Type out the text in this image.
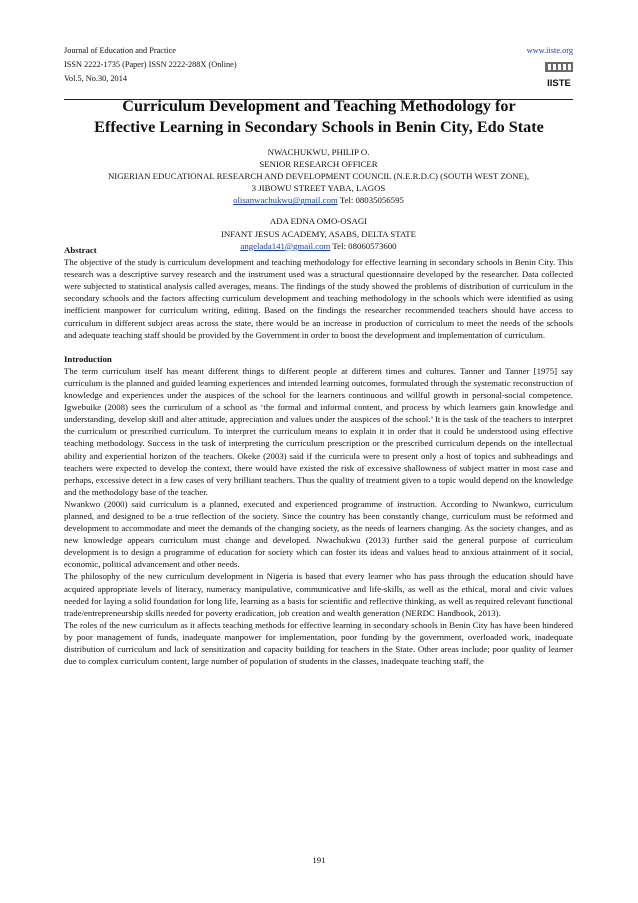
Journal of Education and Practice
ISSN 2222-1735 (Paper) ISSN 2222-288X (Online)
Vol.5, No.30, 2014
www.iiste.org
IISTE
Curriculum Development and Teaching Methodology for
Effective Learning in Secondary Schools in Benin City, Edo State
NWACHUKWU, PHILIP O.
SENIOR RESEARCH OFFICER
NIGERIAN EDUCATIONAL RESEARCH AND DEVELOPMENT COUNCIL (N.E.R.D.C) (SOUTH WEST ZONE),
3 JIBOWU STREET YABA, LAGOS
olisanwachukwu@gmail.com Tel: 08035056595
ADA EDNA OMO-OSAGI
INFANT JESUS ACADEMY, ASABS, DELTA STATE
angelada141@gmail.com Tel: 08060573600
Abstract

The objective of the study is curriculum development and teaching methodology for effective learning in secondary schools in Benin City. This research was a descriptive survey research and the instrument used was a structural questionnaire developed by the researcher. Data collected were subjected to statistical analysis called averages, means. The findings of the study showed the problems of distribution of curriculum in the secondary schools and the factors affecting curriculum development and teaching methodology in the schools which were identified as using inefficient manpower for curriculum writing, editing. Based on the findings the researcher recommended teachers should have access to curriculum in different subject areas across the state, there would be an increase in production of curriculum to meet the needs of the schools and adequate teaching staff should be provided by the Government in order to boost the development and implementation of curriculum.

Introduction

The term curriculum itself has meant different things to different people at different times and cultures. Tanner and Tanner [1975] say curriculum is the planned and guided learning experiences and intended learning outcomes, formulated through the systematic reconstruction of knowledge and experiences under the auspices of the school for the learners continuous and willful growth in personal-social competence. Igwebuike (2008) sees the curriculum of a school as ‘the formal and informal content, and process by which learners gain knowledge and understanding, develop skill and alter attitude, appreciation and values under the auspices of the school.’ It is the task of the teachers to interpret the curriculum or prescribed curriculum. To interpret the curriculum means to explain it in order that it could be understood using effective teaching methodology. Success in the task of interpreting the curriculum prescription or the prescribed curriculum depends on the intellectual ability and experiential horizon of the teachers. Okeke (2003) said if the curricula were to present only a host of topics and subheadings and teachers were expected to develop the context, there would have existed the risk of excessive shallowness of subject matter in most case and perhaps, excessive detect in a few cases of very brilliant teachers. Thus the quality of treatment given to a topic would depend on the knowledge and the methodology base of the teacher.

Nwankwo (2000) said curriculum is a planned, executed and experienced programme of instruction. According to Nwankwo, curriculum planned, and designed to be a true reflection of the society. Since the country has been constantly change, curriculum must be reformed and development to accommodate and meet the demands of the changing society, as the needs of learners changing. As the society changes, and as new knowledge appears curriculum must change and developed. Nwachukwu (2013) further said the general purpose of curriculum development is to design a programme of education for society which can foster its ideas and values head to anxious attainment of it social, economic, political advancement and other needs.

The philosophy of the new curriculum development in Nigeria is based that every learner who has pass through the education should have acquired appropriate levels of literacy, numeracy manipulative, communicative and life-skills, as well as the ethical, moral and civic values needed for laying a solid foundation for long life, learning as a basis for scientific and reflective thinking, as well as required relevant functional trade/entrepreneurship skills needed for poverty eradication, job creation and wealth generation (NERDC Handbook, 2013).

The roles of the new curriculum as it affects teaching methods for effective learning in secondary schools in Benin City has have been hindered by poor management of funds, inadequate manpower for implementation, poor funding by the government, overloaded work, inadequate distribution of curriculum and lack of sensitization and capacity building for teachers in the State. Other areas include; poor quality of learner due to complex curriculum content, large number of population of students in the classes, inadequate teaching staff, the

191
